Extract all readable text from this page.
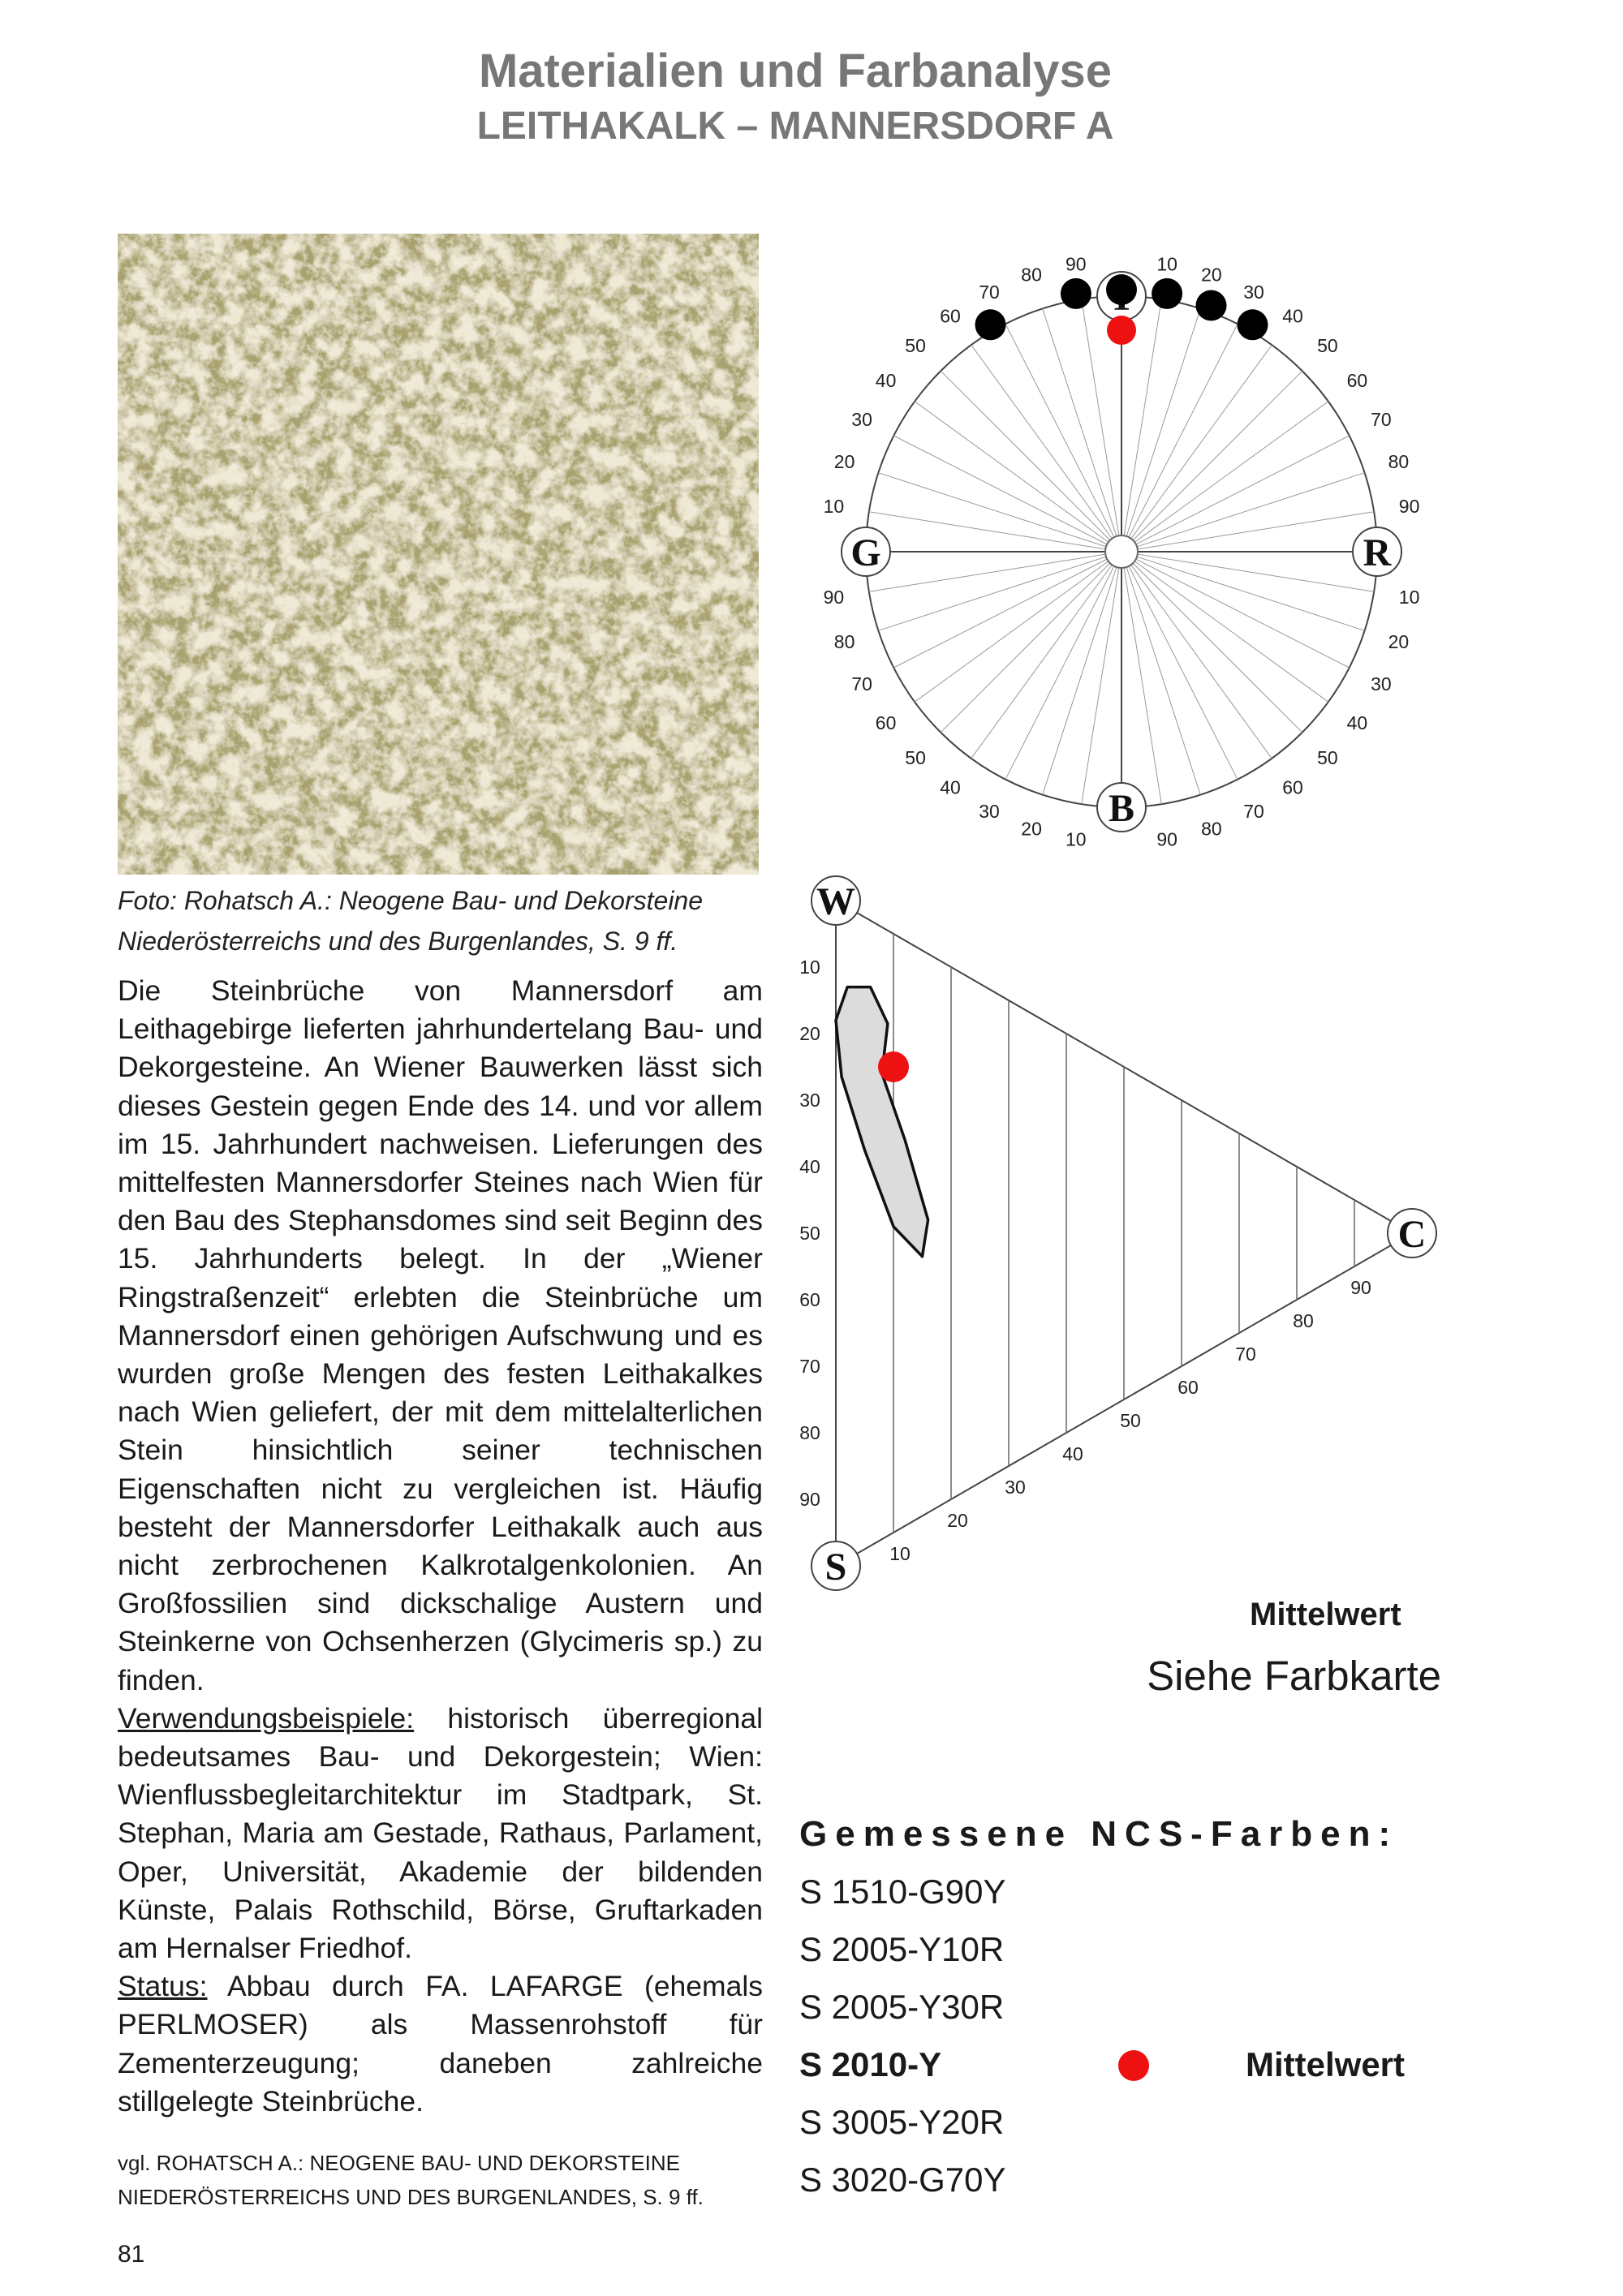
Materialien und Farbanalyse
LEITHAKALK – MANNERSDORF A
Foto: Rohatsch A.: Neogene Bau- und Dekorsteine
Niederösterreichs und des Burgenlandes, S. 9 ff.

Die Steinbrüche von Mannersdorf am Leithagebirge lieferten jahrhundertelang Bau- und Dekorgesteine. An Wiener Bauwerken lässt sich dieses Gestein gegen Ende des 14. und vor allem im 15. Jahrhundert nachweisen. Lieferungen des mittelfesten Mannersdorfer Steines nach Wien für den Bau des Stephansdomes sind seit Beginn des 15. Jahrhunderts belegt. In der „Wiener Ringstraßenzeit“ erlebten die Steinbrüche um Mannersdorf einen gehörigen Aufschwung und es wurden große Mengen des festen Leithakalkes nach Wien geliefert, der mit dem mittelalterlichen Stein hinsichtlich seiner technischen Eigenschaften nicht zu vergleichen ist. Häufig besteht der Mannersdorfer Leithakalk auch aus nicht zerbrochenen Kalkrotalgenkolonien. An Großfossilien sind dickschalige Austern und Steinkerne von Ochsenherzen (Glycimeris sp.) zu finden.

Verwendungsbeispiele: historisch überregional bedeutsames Bau- und Dekorgestein; Wien: Wienflussbegleitarchitektur im Stadtpark, St. Stephan, Maria am Gestade, Rathaus, Parlament, Oper, Universität, Akademie der bildenden Künste, Palais Rothschild, Börse, Gruftarkaden am Hernalser Friedhof.

Status: Abbau durch FA. LAFARGE (ehemals PERLMOSER) als Massenrohstoff für Zementerzeugung; daneben zahlreiche stillgelegte Steinbrüche.

vgl. ROHATSCH A.: NEOGENE BAU- UND DEKORSTEINE
NIEDERÖSTERREICHS UND DES BURGENLANDES, S. 9 ff.
81
10
20
30
40
50
60
70
80
90
10
20
30
40
50
60
70
80
90
10
20
30
40
50
60
70
80
90
10
20
30
40
50
60
70
80
90
R
B
G
10
20
30
40
50
60
70
80
90
10
20
30
40
50
60
70
80
90
W
C
S
Mittelwert
Siehe Farbkarte
Gemessene NCS-Farben:
S 1510-G90Y
S 2005-Y10R
S 2005-Y30R
S 2010-Y	Mittelwert
S 3005-Y20R
S 3020-G70Y
